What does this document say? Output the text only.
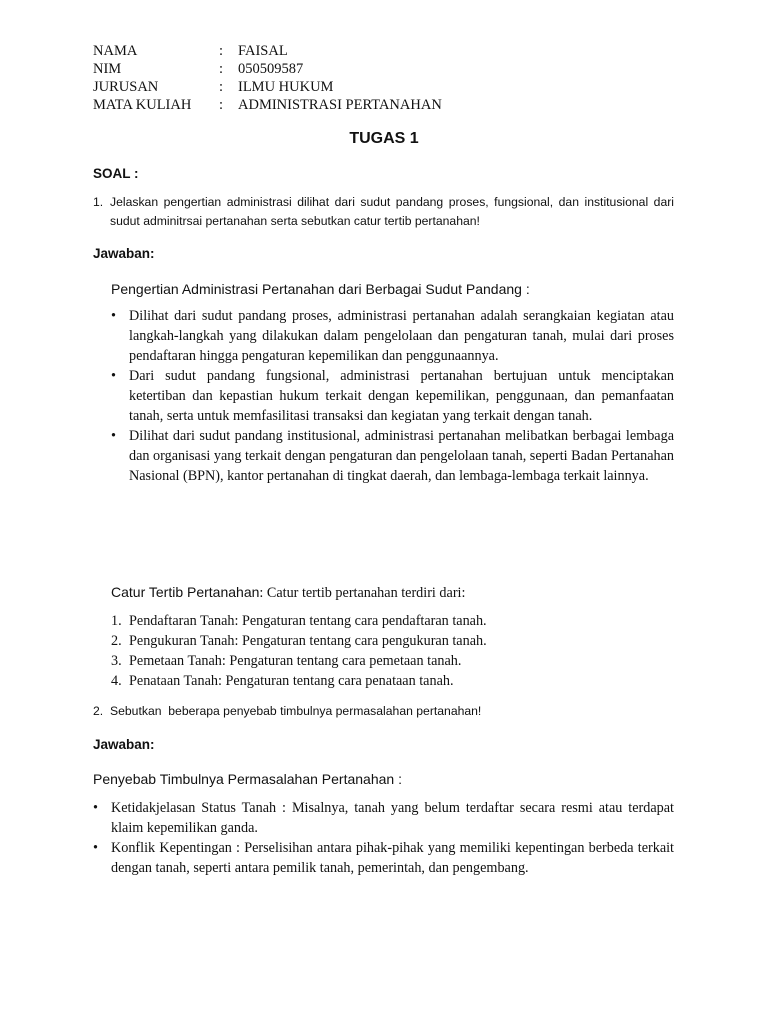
NAMA	: FAISAL
NIM	: 050509587
JURUSAN	: ILMU HUKUM
MATA KULIAH : ADMINISTRASI PERTANAHAN
TUGAS 1
SOAL :
1. Jelaskan pengertian administrasi dilihat dari sudut pandang proses, fungsional, dan institusional dari sudut adminitrsai pertanahan serta sebutkan catur tertib pertanahan!
Jawaban:
Pengertian Administrasi Pertanahan dari Berbagai Sudut Pandang :
• Dilihat dari sudut pandang proses, administrasi pertanahan adalah serangkaian kegiatan atau langkah-langkah yang dilakukan dalam pengelolaan dan pengaturan tanah, mulai dari proses pendaftaran hingga pengaturan kepemilikan dan penggunaannya.
• Dari sudut pandang fungsional, administrasi pertanahan bertujuan untuk menciptakan ketertiban dan kepastian hukum terkait dengan kepemilikan, penggunaan, dan pemanfaatan tanah, serta untuk memfasilitasi transaksi dan kegiatan yang terkait dengan tanah.
• Dilihat dari sudut pandang institusional, administrasi pertanahan melibatkan berbagai lembaga dan organisasi yang terkait dengan pengaturan dan pengelolaan tanah, seperti Badan Pertanahan Nasional (BPN), kantor pertanahan di tingkat daerah, dan lembaga-lembaga terkait lainnya.
Catur Tertib Pertanahan: Catur tertib pertanahan terdiri dari:
1. Pendaftaran Tanah: Pengaturan tentang cara pendaftaran tanah.
2. Pengukuran Tanah: Pengaturan tentang cara pengukuran tanah.
3. Pemetaan Tanah: Pengaturan tentang cara pemetaan tanah.
4. Penataan Tanah: Pengaturan tentang cara penataan tanah.
2. Sebutkan  beberapa penyebab timbulnya permasalahan pertanahan!
Jawaban:
Penyebab Timbulnya Permasalahan Pertanahan :
• Ketidakjelasan Status Tanah : Misalnya, tanah yang belum terdaftar secara resmi atau terdapat klaim kepemilikan ganda.
• Konflik Kepentingan : Perselisihan antara pihak-pihak yang memiliki kepentingan berbeda terkait dengan tanah, seperti antara pemilik tanah, pemerintah, dan pengembang.
